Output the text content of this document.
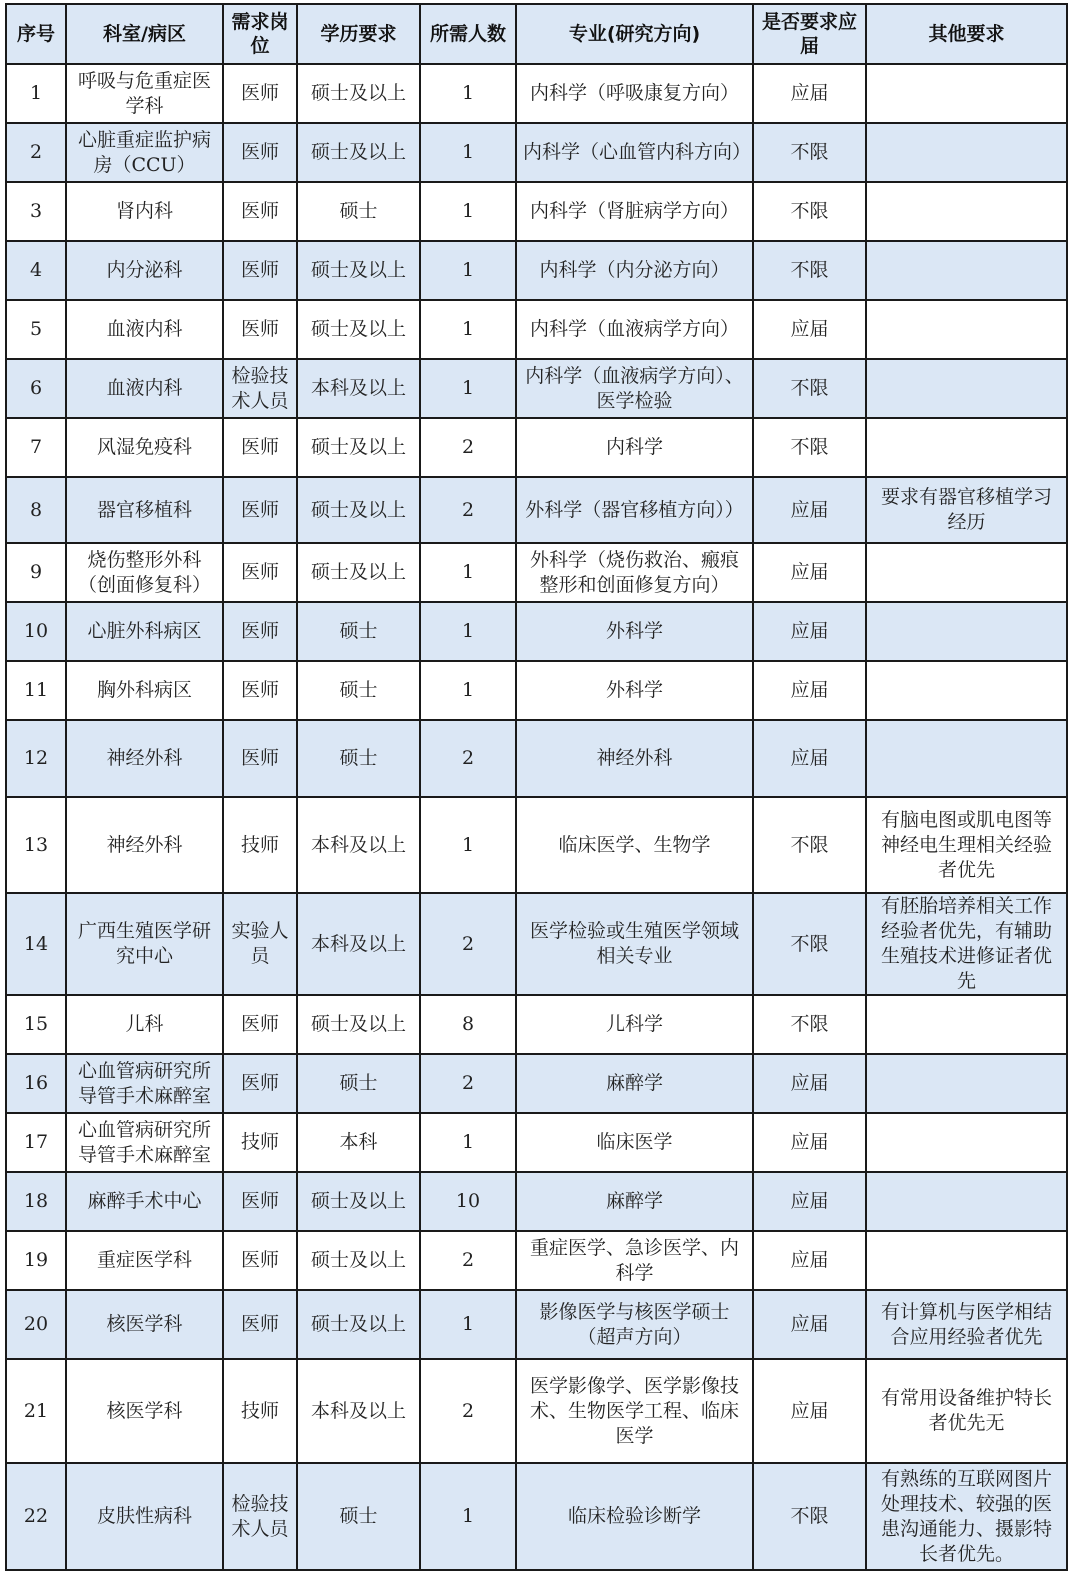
序号	科室/病区	需求岗位	学历要求	所需人数	专业(研究方向)	是否要求应届	其他要求
1	呼吸与危重症医学科	医师	硕士及以上	1	内科学（呼吸康复方向）	应届	
2	心脏重症监护病房（CCU）	医师	硕士及以上	1	内科学（心血管内科方向）	不限	
3	肾内科	医师	硕士	1	内科学（肾脏病学方向）	不限	
4	内分泌科	医师	硕士及以上	1	内科学（内分泌方向）	不限	
5	血液内科	医师	硕士及以上	1	内科学（血液病学方向）	应届	
6	血液内科	检验技术人员	本科及以上	1	内科学（血液病学方向）、医学检验	不限	
7	风湿免疫科	医师	硕士及以上	2	内科学	不限	
8	器官移植科	医师	硕士及以上	2	外科学（器官移植方向））	应届	要求有器官移植学习经历
9	烧伤整形外科（创面修复科）	医师	硕士及以上	1	外科学（烧伤救治、瘢痕整形和创面修复方向）	应届	
10	心脏外科病区	医师	硕士	1	外科学	应届	
11	胸外科病区	医师	硕士	1	外科学	应届	
12	神经外科	医师	硕士	2	神经外科	应届	
13	神经外科	技师	本科及以上	1	临床医学、生物学	不限	有脑电图或肌电图等神经电生理相关经验者优先
14	广西生殖医学研究中心	实验人员	本科及以上	2	医学检验或生殖医学领域相关专业	不限	有胚胎培养相关工作经验者优先，有辅助生殖技术进修证者优先
15	儿科	医师	硕士及以上	8	儿科学	不限	
16	心血管病研究所导管手术麻醉室	医师	硕士	2	麻醉学	应届	
17	心血管病研究所导管手术麻醉室	技师	本科	1	临床医学	应届	
18	麻醉手术中心	医师	硕士及以上	10	麻醉学	应届	
19	重症医学科	医师	硕士及以上	2	重症医学、急诊医学、内科学	应届	
20	核医学科	医师	硕士及以上	1	影像医学与核医学硕士（超声方向）	应届	有计算机与医学相结合应用经验者优先
21	核医学科	技师	本科及以上	2	医学影像学、医学影像技术、生物医学工程、临床医学	应届	有常用设备维护特长者优先无
22	皮肤性病科	检验技术人员	硕士	1	临床检验诊断学	不限	有熟练的互联网图片处理技术、较强的医患沟通能力、摄影特长者优先。
